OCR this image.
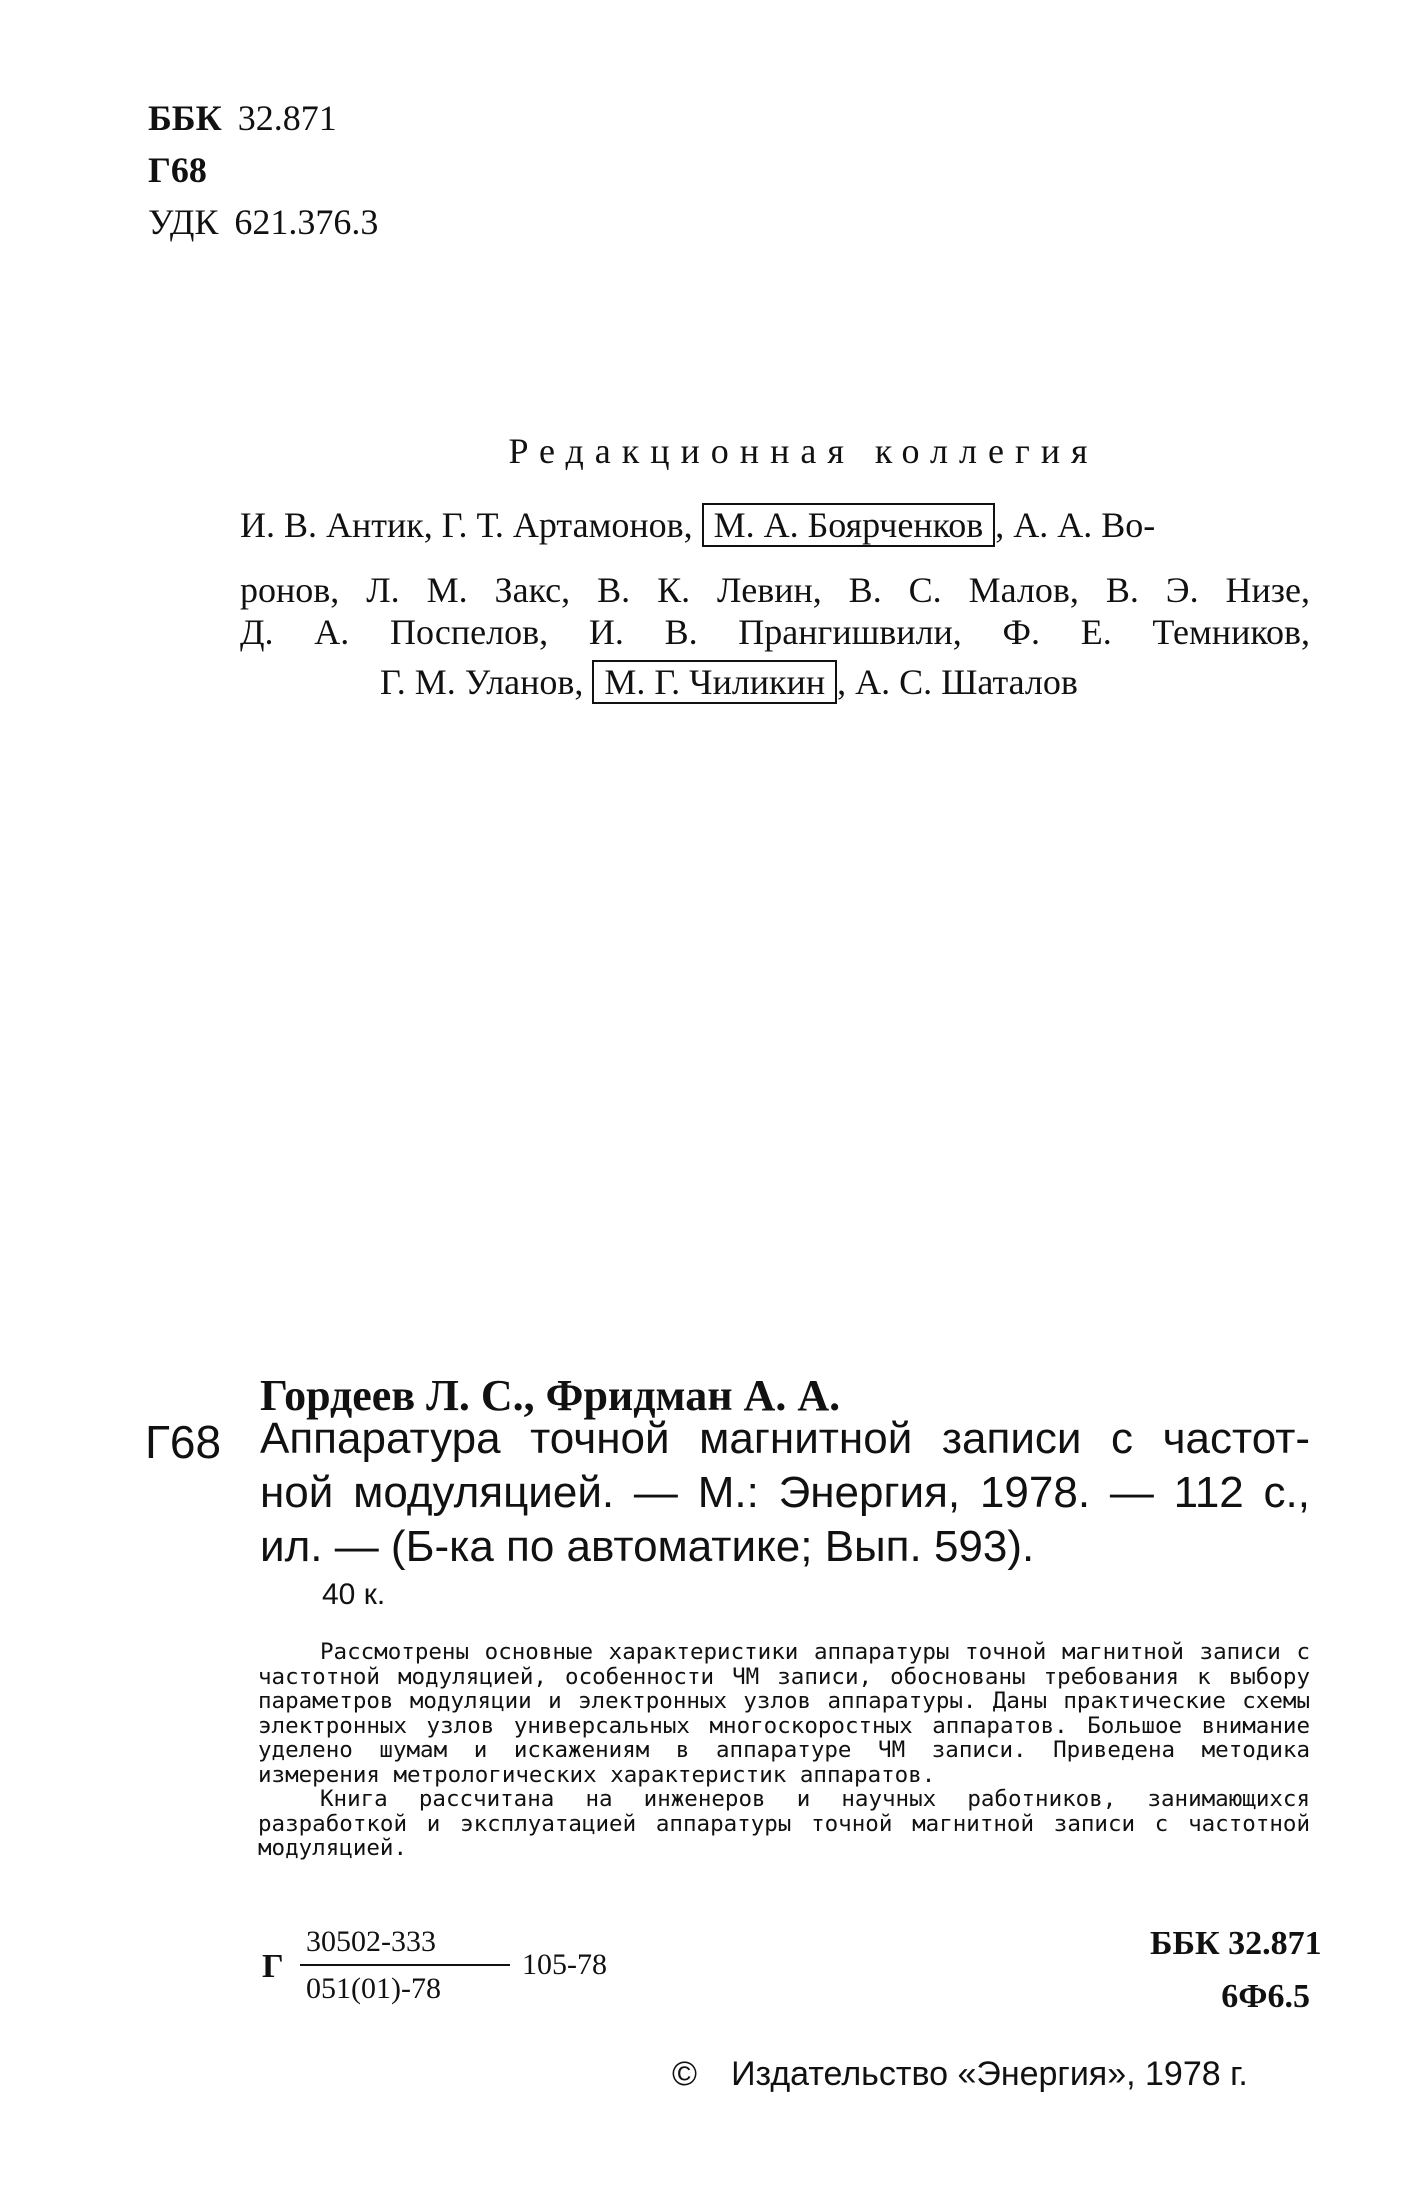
ББК 32.871
Г68
УДК 621.376.3
Редакционная коллегия
И. В. Антик, Г. Т. Артамонов, М. А. Боярченков , А. А. Во-
ронов, Л. М. Закс, В. К. Левин, В. С. Малов, В. Э. Низе,
Д. А. Поспелов, И. В. Прангишвили, Ф. Е. Темников,
Г. М. Уланов, М. Г. Чиликин , А. С. Шаталов
Гордеев Л. С., Фридман А. А.
Г68 Аппаратура точной магнитной записи с частот-
ной модуляцией. — М.: Энергия, 1978. — 112 с.,
ил. — (Б-ка по автоматике; Вып. 593).
40 к.

Рассмотрены основные характеристики аппаратуры точной магнитной записи с частотной модуляцией, особенности ЧМ записи, обоснованы требования к выбору параметров модуляции и электронных узлов аппаратуры. Даны практические схемы электронных узлов универсальных многоскоростных аппаратов. Большое внимание уделено шумам и искажениям в аппаратуре ЧМ записи. Приведена методика измерения метрологических характеристик аппаратов.

Книга рассчитана на инженеров и научных работников, занимающихся разработкой и эксплуатацией аппаратуры точной магнитной записи с частотной модуляцией.

Г
30502-333
051(01)-78
105-78
ББК 32.871
6Ф6.5
© Издательство «Энергия», 1978 г.
